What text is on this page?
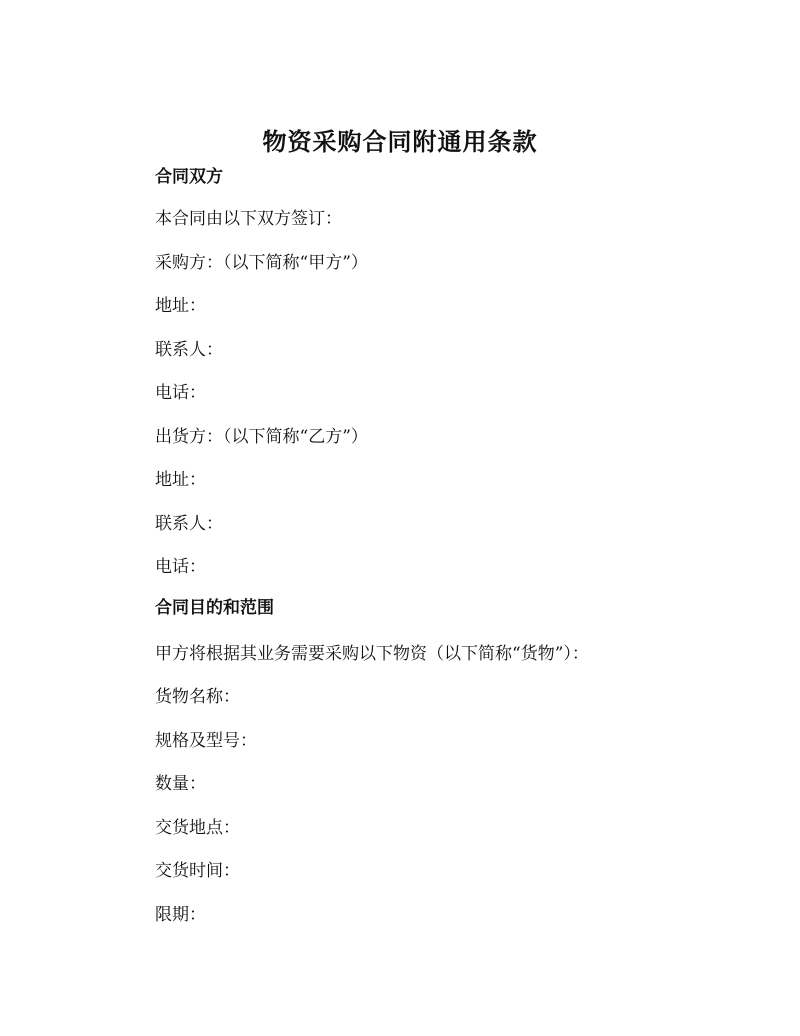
物资采购合同附通用条款
合同双方
本合同由以下双方签订：
采购方：（以下简称“甲方”）
地址：
联系人：
电话：
出货方：（以下简称“乙方”）
地址：
联系人：
电话：
合同目的和范围
甲方将根据其业务需要采购以下物资（以下简称“货物”）：
货物名称：
规格及型号：
数量：
交货地点：
交货时间：
限期：
